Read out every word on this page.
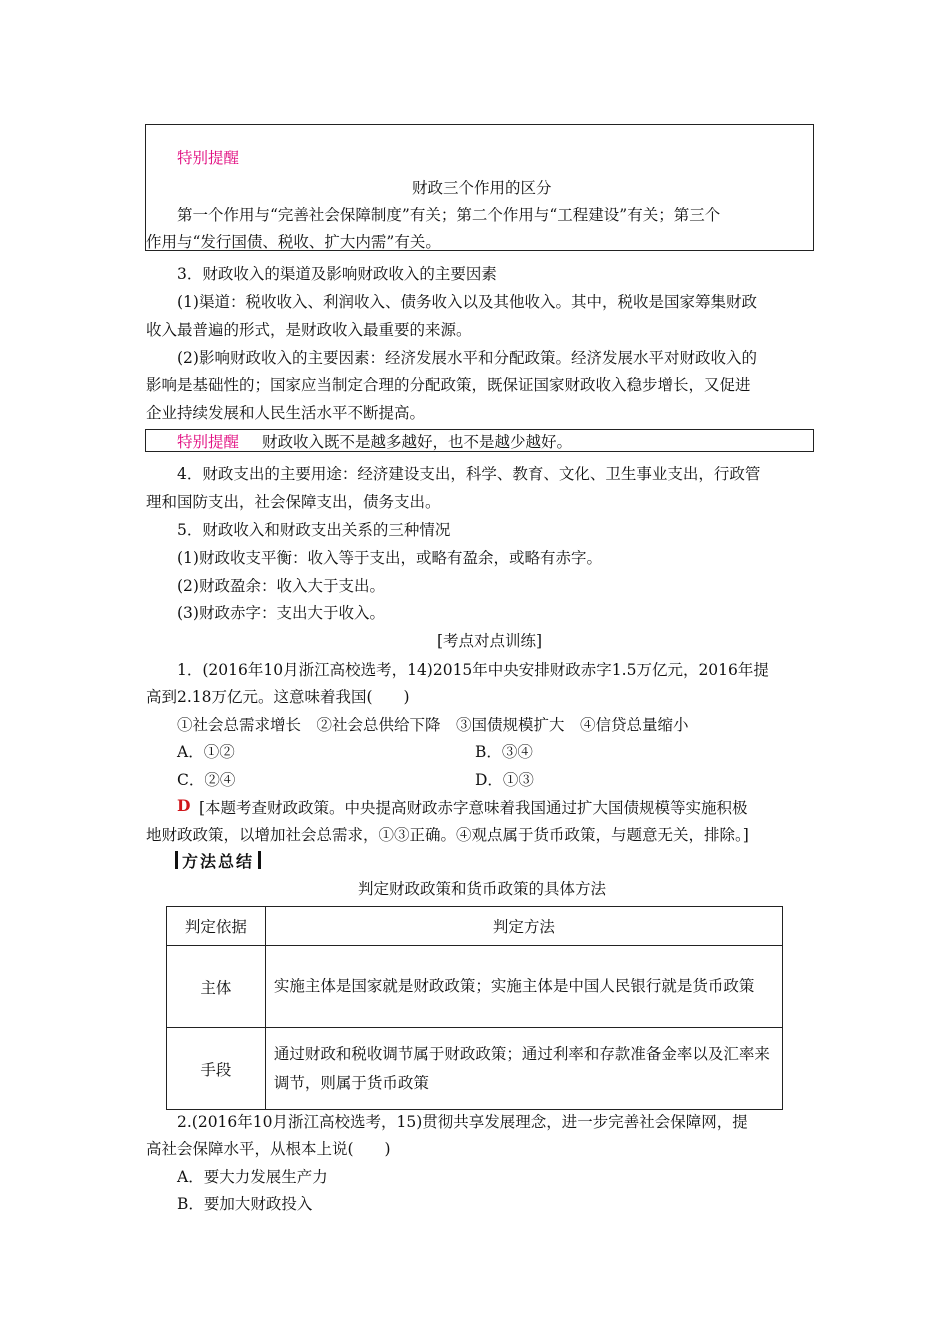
特别提醒
财政三个作用的区分
第一个作用与“完善社会保障制度”有关；第二个作用与“工程建设”有关；第三个
作用与“发行国债、税收、扩大内需”有关。
3．财政收入的渠道及影响财政收入的主要因素
(1)渠道：税收收入、利润收入、债务收入以及其他收入。其中，税收是国家筹集财政
收入最普遍的形式，是财政收入最重要的来源。
(2)影响财政收入的主要因素：经济发展水平和分配政策。经济发展水平对财政收入的
影响是基础性的；国家应当制定合理的分配政策，既保证国家财政收入稳步增长，又促进
企业持续发展和人民生活水平不断提高。
特别提醒 财政收入既不是越多越好，也不是越少越好。
4．财政支出的主要用途：经济建设支出，科学、教育、文化、卫生事业支出，行政管
理和国防支出，社会保障支出，债务支出。
5．财政收入和财政支出关系的三种情况
(1)财政收支平衡：收入等于支出，或略有盈余，或略有赤字。
(2)财政盈余：收入大于支出。
(3)财政赤字：支出大于收入。
[考点对点训练]
1．(2016年10月浙江高校选考，14)2015年中央安排财政赤字1.5万亿元，2016年提
高到2.18万亿元。这意味着我国(　　)
①社会总需求增长　②社会总供给下降　③国债规模扩大　④信贷总量缩小
A．①②	B．③④
C．②④	D．①③
D [本题考查财政政策。中央提高财政赤字意味着我国通过扩大国债规模等实施积极
地财政政策，以增加社会总需求，①③正确。④观点属于货币政策，与题意无关，排除。]
方法总结
判定财政政策和货币政策的具体方法
判定依据	判定方法
主体	实施主体是国家就是财政政策；实施主体是中国人民银行就是货币政策

手段	通过财政和税收调节属于财政政策；通过利率和存款准备金率以及汇率来调节，则属于货币政策
2.(2016年10月浙江高校选考，15)贯彻共享发展理念，进一步完善社会保障网，提
高社会保障水平，从根本上说(　　)
A．要大力发展生产力
B．要加大财政投入
